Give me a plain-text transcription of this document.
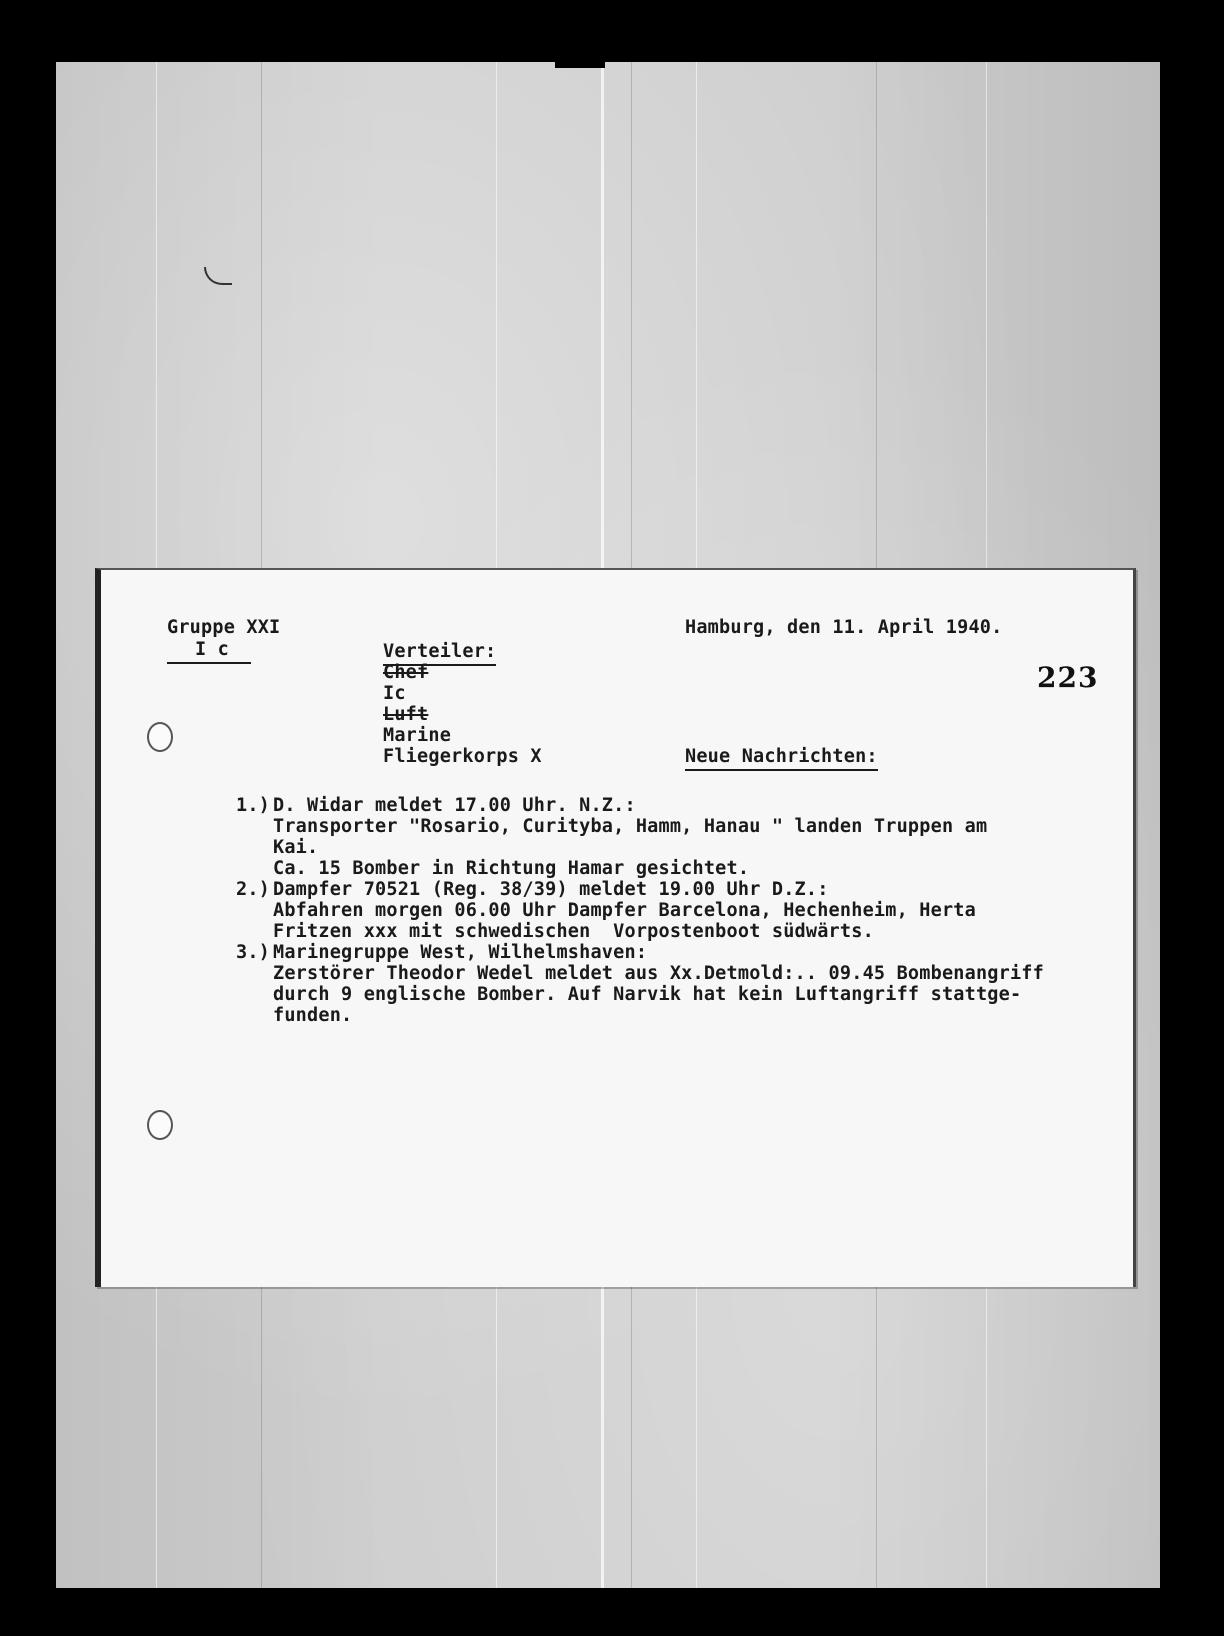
Gruppe XXI
I c	Verteiler:
Chef
Ic
Luft
Marine
Fliegerkorps X
Hamburg, den 11. April 1940.
223
Neue Nachrichten:
1.) D. Widar meldet 17.00 Uhr. N.Z.:
Transporter "Rosario, Curityba, Hamm, Hanau " landen Truppen am
Kai.
Ca. 15 Bomber in Richtung Hamar gesichtet.
2.) Dampfer 70521 (Reg. 38/39) meldet 19.00 Uhr D.Z.:
Abfahren morgen 06.00 Uhr Dampfer Barcelona, Hechenheim, Herta
Fritzen xxx mit schwedischen  Vorpostenboot südwärts.
3.) Marinegruppe West, Wilhelmshaven:
Zerstörer Theodor Wedel meldet aus Xx.Detmold:.. 09.45 Bombenangriff
durch 9 englische Bomber. Auf Narvik hat kein Luftangriff stattge-
funden.
